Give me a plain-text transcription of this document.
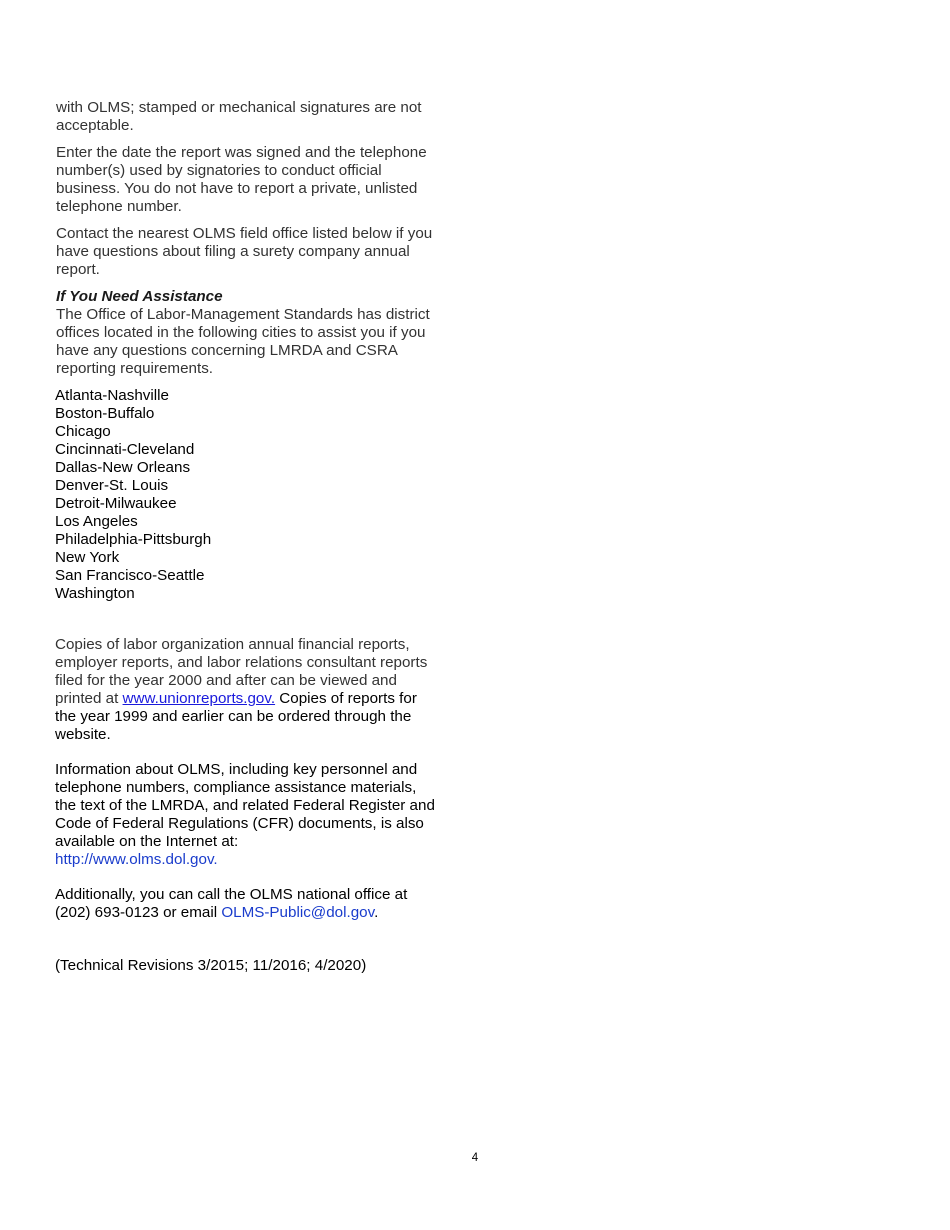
with OLMS; stamped or mechanical signatures are not acceptable.

Enter the date the report was signed and the telephone number(s) used by signatories to conduct official business. You do not have to report a private, unlisted telephone number.

Contact the nearest OLMS field office listed below if you have questions about filing a surety company annual report.

If You Need Assistance

The Office of Labor-Management Standards has district offices located in the following cities to assist you if you have any questions concerning LMRDA and CSRA reporting requirements.

Atlanta-Nashville
Boston-Buffalo
Chicago
Cincinnati-Cleveland
Dallas-New Orleans
Denver-St. Louis
Detroit-Milwaukee
Los Angeles
Philadelphia-Pittsburgh
New York
San Francisco-Seattle
Washington

Copies of labor organization annual financial reports, employer reports, and labor relations consultant reports filed for the year 2000 and after can be viewed and printed at www.unionreports.gov. Copies of reports for the year 1999 and earlier can be ordered through the website.

Information about OLMS, including key personnel and telephone numbers, compliance assistance materials, the text of the LMRDA, and related Federal Register and Code of Federal Regulations (CFR) documents, is also available on the Internet at:
http://www.olms.dol.gov.

Additionally, you can call the OLMS national office at (202) 693-0123 or email OLMS-Public@dol.gov.

(Technical Revisions 3/2015; 11/2016; 4/2020)

4
